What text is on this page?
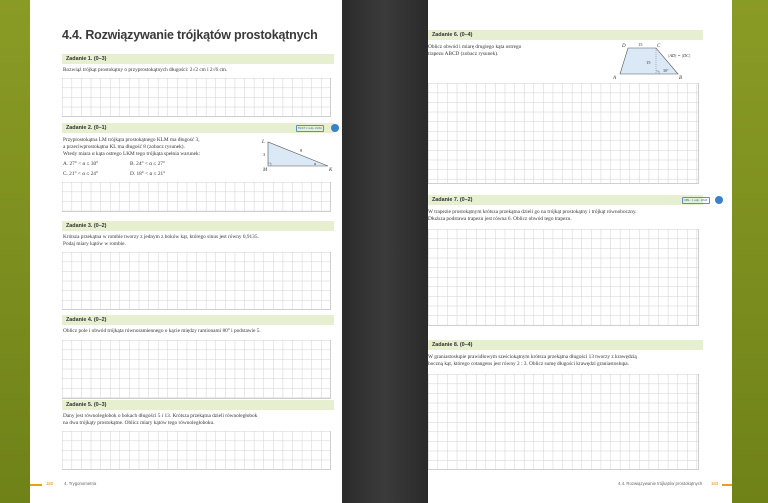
4.4. Rozwiązywanie trójkątów prostokątnych
Zadanie 1. (0–3)
Rozwiąż trójkąt prostokątny o przyprostokątnych długości: 2√2 cm i 2√6 cm.
Zadanie 2. (0–1)	TEST z odp. ZAM.
Przyprostokątna LM trójkąta prostokątnego KLM ma długość 3,
a przeciwprostokątna KL ma długość 8 (zobacz rysunek).
Wtedy miara α kąta ostrego LKM tego trójkąta spełnia warunek:
A. 27° < α ≤ 30°	B. 24° < α ≤ 27°
C. 21° < α ≤ 24°	D. 18° < α ≤ 21°
L
M	K
3
8
α
Zadanie 3. (0–2)
Krótsza przekątna w rombie tworzy z jednym z boków kąt, którego sinus jest równy 0,9135.
Podaj miary kątów w rombie.
Zadanie 4. (0–2)
Oblicz pole i obwód trójkąta równoramiennego o kącie między ramionami 80° i podstawie 5.
Zadanie 5. (0–3)
Dany jest równoległobok o bokach długości 5 i 13. Krótsza przekątna dzieli równoległobok
na dwa trójkąty prostokątne. Oblicz miary kątów tego równoległoboku.
182	4. Trygonometria
Zadanie 6. (0–4)
Oblicz obwód i miarę drugiego kąta ostrego
trapezu ABCD (zobacz rysunek).
D	C
A	B
15
15
30°
|AD| = |DC|
Zadanie 7. (0–2)	OBL. z odp. ZAM.
W trapezie prostokątnym krótsza przekątna dzieli go na trójkąt prostokątny i trójkąt równoboczny.
Dłuższa podstawa trapezu jest równa 6. Oblicz obwód tego trapezu.
Zadanie 8. (0–4)
W graniastosłupie prawidłowym sześciokątnym krótsza przekątna długości 13 tworzy z krawędzią
boczną kąt, którego cotangens jest równy 2 : 3. Oblicz sumę długości krawędzi graniastosłupa.
4.4. Rozwiązywanie trójkątów prostokątnych 183
